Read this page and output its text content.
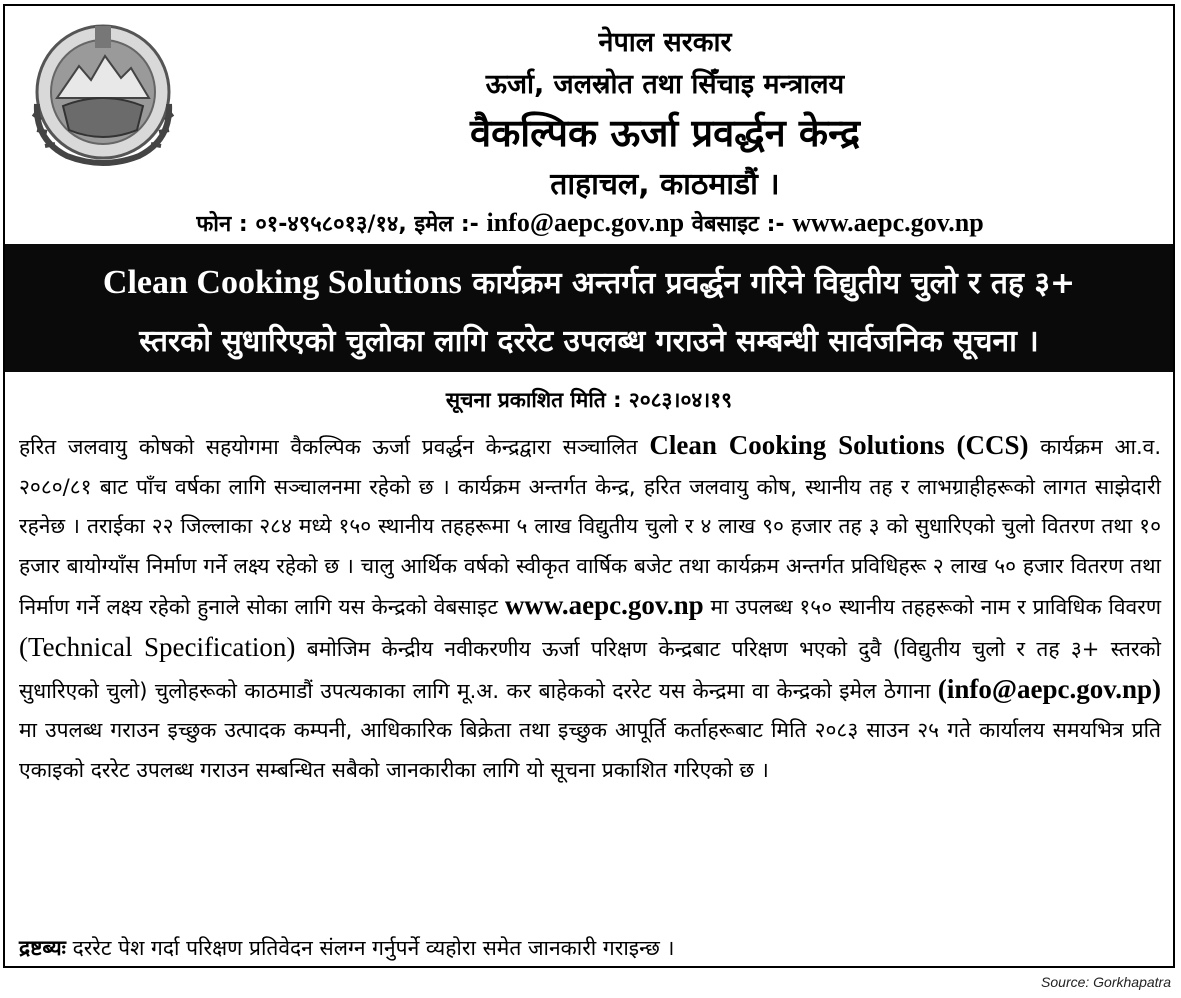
नेपाल सरकार
ऊर्जा, जलस्रोत तथा सिँचाइ मन्त्रालय
वैकल्पिक ऊर्जा प्रवर्द्धन केन्द्र
ताहाचल, काठमाडौं ।
फोन : ०१-४९५८०१३/१४, इमेल :- info@aepc.gov.np वेबसाइट :- www.aepc.gov.np
Clean Cooking Solutions कार्यक्रम अन्तर्गत प्रवर्द्धन गरिने विद्युतीय चुलो र तह ३+
स्तरको सुधारिएको चुलोका लागि दररेट उपलब्ध गराउने सम्बन्धी सार्वजनिक सूचना ।
सूचना प्रकाशित मिति : २०८३।०४।१९
हरित जलवायु कोषको सहयोगमा वैकल्पिक ऊर्जा प्रवर्द्धन केन्द्रद्वारा सञ्चालित Clean Cooking Solutions (CCS) कार्यक्रम आ.व. २०८०/८१ बाट पाँच वर्षका लागि सञ्चालनमा रहेको छ । कार्यक्रम अन्तर्गत केन्द्र, हरित जलवायु कोष, स्थानीय तह र लाभग्राहीहरूको लागत साझेदारी रहनेछ । तराईका २२ जिल्लाका २८४ मध्ये १५० स्थानीय तहहरूमा ५ लाख विद्युतीय चुलो र ४ लाख ९० हजार तह ३ को सुधारिएको चुलो वितरण तथा १० हजार बायोग्याँस निर्माण गर्ने लक्ष्य रहेको छ । चालु आर्थिक वर्षको स्वीकृत वार्षिक बजेट तथा कार्यक्रम अन्तर्गत प्रविधिहरू २ लाख ५० हजार वितरण तथा निर्माण गर्ने लक्ष्य रहेको हुनाले सोका लागि यस केन्द्रको वेबसाइट www.aepc.gov.np मा उपलब्ध १५० स्थानीय तहहरूको नाम र प्राविधिक विवरण (Technical Specification) बमोजिम केन्द्रीय नवीकरणीय ऊर्जा परिक्षण केन्द्रबाट परिक्षण भएको दुवै (विद्युतीय चुलो र तह ३+ स्तरको सुधारिएको चुलो) चुलोहरूको काठमाडौं उपत्यकाका लागि मू.अ. कर बाहेकको दररेट यस केन्द्रमा वा केन्द्रको इमेल ठेगाना (info@aepc.gov.np) मा उपलब्ध गराउन इच्छुक उत्पादक कम्पनी, आधिकारिक बिक्रेता तथा इच्छुक आपूर्ति कर्ताहरूबाट मिति २०८३ साउन २५ गते कार्यालय समयभित्र प्रति एकाइको दररेट उपलब्ध गराउन सम्बन्धित सबैको जानकारीका लागि यो सूचना प्रकाशित गरिएको छ ।
द्रष्टब्यः दररेट पेश गर्दा परिक्षण प्रतिवेदन संलग्न गर्नुपर्ने व्यहोरा समेत जानकारी गराइन्छ ।
Source: Gorkhapatra
